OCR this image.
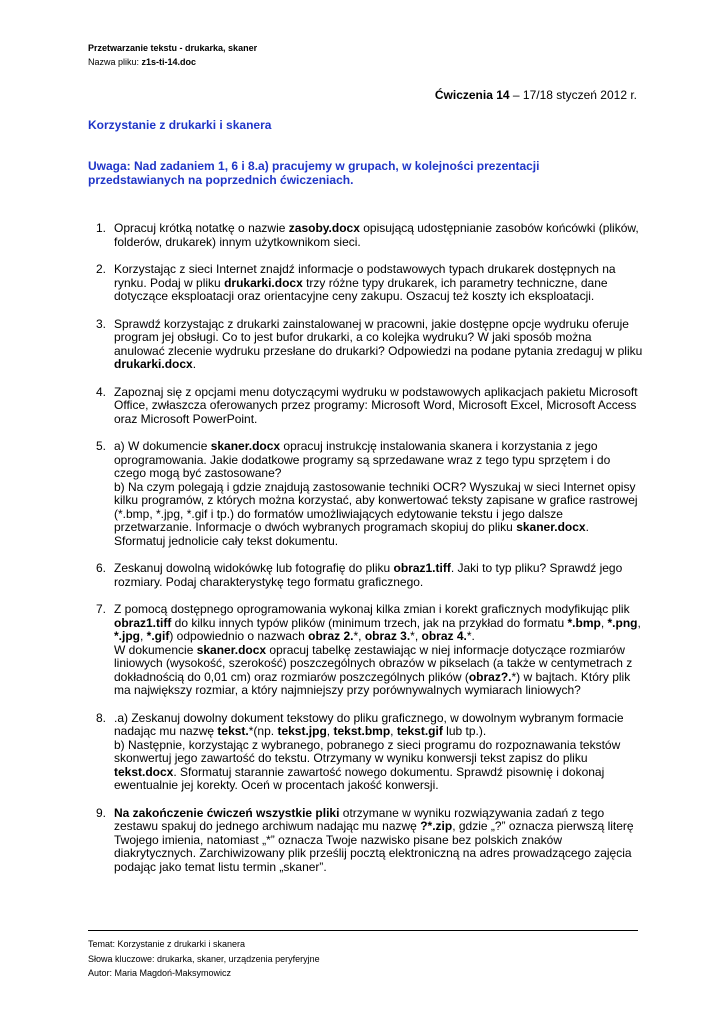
Przetwarzanie tekstu - drukarka, skaner
Nazwa pliku: z1s-ti-14.doc
Ćwiczenia 14 – 17/18 styczeń 2012 r.
Korzystanie z drukarki i skanera
Uwaga: Nad zadaniem 1, 6 i 8.a) pracujemy w grupach, w kolejności prezentacji przedstawianych na poprzednich ćwiczeniach.
1. Opracuj krótką notatkę o nazwie zasoby.docx opisującą udostępnianie zasobów końcówki (plików, folderów, drukarek) innym użytkownikom sieci.
2. Korzystając z sieci Internet znajdź informacje o podstawowych typach drukarek dostępnych na rynku. Podaj w pliku drukarki.docx trzy różne typy drukarek, ich parametry techniczne, dane dotyczące eksploatacji oraz orientacyjne ceny zakupu. Oszacuj też koszty ich eksploatacji.
3. Sprawdź korzystając z drukarki zainstalowanej w pracowni, jakie dostępne opcje wydruku oferuje program jej obsługi. Co to jest bufor drukarki, a co kolejka wydruku? W jaki sposób można anulować zlecenie wydruku przesłane do drukarki? Odpowiedzi na podane pytania zredaguj w pliku drukarki.docx.
4. Zapoznaj się z opcjami menu dotyczącymi wydruku w podstawowych aplikacjach pakietu Microsoft Office, zwłaszcza oferowanych przez programy: Microsoft Word, Microsoft Excel, Microsoft Access oraz Microsoft PowerPoint.
5. a) W dokumencie skaner.docx opracuj instrukcję instalowania skanera i korzystania z jego oprogramowania. Jakie dodatkowe programy są sprzedawane wraz z tego typu sprzętem i do czego mogą być zastosowane?
b) Na czym polegają i gdzie znajdują zastosowanie techniki OCR? Wyszukaj w sieci Internet opisy kilku programów, z których można korzystać, aby konwertować teksty zapisane w grafice rastrowej (*.bmp, *.jpg, *.gif i tp.) do formatów umożliwiających edytowanie tekstu i jego dalsze przetwarzanie. Informacje o dwóch wybranych programach skopiuj do pliku skaner.docx. Sformatuj jednolicie cały tekst dokumentu.
6. Zeskanuj dowolną widokówkę lub fotografię do pliku obraz1.tiff. Jaki to typ pliku? Sprawdź jego rozmiary. Podaj charakterystykę tego formatu graficznego.
7. Z pomocą dostępnego oprogramowania wykonaj kilka zmian i korekt graficznych modyfikując plik obraz1.tiff do kilku innych typów plików (minimum trzech, jak na przykład do formatu *.bmp, *.png, *.jpg, *.gif) odpowiednio o nazwach obraz 2.*, obraz 3.*, obraz 4.*.
W dokumencie skaner.docx opracuj tabelkę zestawiając w niej informacje dotyczące rozmiarów liniowych (wysokość, szerokość) poszczególnych obrazów w pikselach (a także w centymetrach z dokładnością do 0,01 cm) oraz rozmiarów poszczególnych plików (obraz?.*) w bajtach. Który plik ma największy rozmiar, a który najmniejszy przy porównywalnych wymiarach liniowych?
8. .a) Zeskanuj dowolny dokument tekstowy do pliku graficznego, w dowolnym wybranym formacie nadając mu nazwę tekst.*(np. tekst.jpg, tekst.bmp, tekst.gif lub tp.).
b) Następnie, korzystając z wybranego, pobranego z sieci programu do rozpoznawania tekstów skonwertuj jego zawartość do tekstu. Otrzymany w wyniku konwersji tekst zapisz do pliku tekst.docx. Sformatuj starannie zawartość nowego dokumentu. Sprawdź pisownię i dokonaj ewentualnie jej korekty. Oceń w procentach jakość konwersji.
9. Na zakończenie ćwiczeń wszystkie pliki otrzymane w wyniku rozwiązywania zadań z tego zestawu spakuj do jednego archiwum nadając mu nazwę ?*.zip, gdzie „?” oznacza pierwszą literę Twojego imienia, natomiast „*” oznacza Twoje nazwisko pisane bez polskich znaków diakrytycznych. Zarchiwizowany plik prześlij pocztą elektroniczną na adres prowadzącego zajęcia podając jako temat listu termin „skaner”.
Temat: Korzystanie z drukarki i skanera
Słowa kluczowe: drukarka, skaner, urządzenia peryferyjne
Autor: Maria Magdoń-Maksymowicz
